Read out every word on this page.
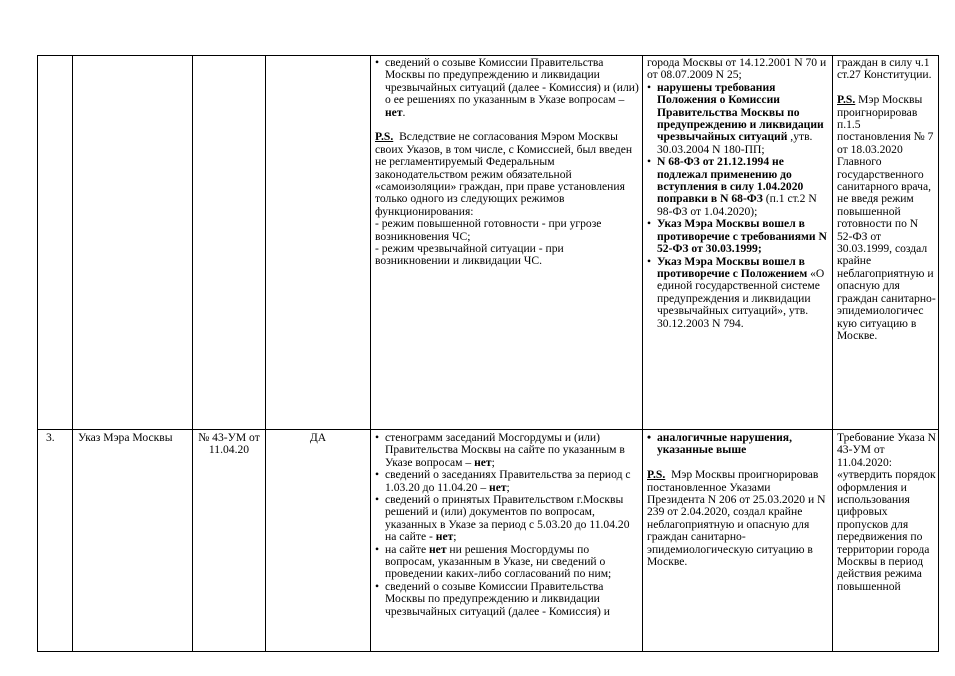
• сведений о созыве Комиссии Правительства Москвы по предупреждению и ликвидации чрезвычайных ситуаций (далее - Комиссия) и (или) о ее решениях по указанным в Указе вопросам – нет.

P.S. Вследствие не согласования Мэром Москвы своих Указов, в том числе, с Комиссией, был введен не регламентируемый Федеральным законодательством режим обязательной «самоизоляции» граждан, при праве установления только одного из следующих режимов функционирования:

- режим повышенной готовности - при угрозе возникновения ЧС;

- режим чрезвычайной ситуации - при возникновении и ликвидации ЧС.

города Москвы от 14.12.2001 N 70 и от 08.07.2009 N 25;

• нарушены требования Положения о Комиссии Правительства Москвы по предупреждению и ликвидации чрезвычайных ситуаций ,утв. 30.03.2004 N 180-ПП;

• N 68-ФЗ от 21.12.1994 не подлежал применению до вступления в силу 1.04.2020 поправки в N 68-ФЗ (п.1 ст.2 N 98-ФЗ от 1.04.2020);

• Указ Мэра Москвы вошел в противоречие с требованиями N 52-ФЗ от 30.03.1999;

• Указ Мэра Москвы вошел в противоречие с Положением «О единой государственной системе предупреждения и ликвидации чрезвычайных ситуаций», утв. 30.12.2003 N 794.

граждан в силу ч.1 ст.27 Конституции.

P.S. Мэр Москвы проигнорировав п.1.5 постановления № 7 от 18.03.2020 Главного государственного санитарного врача, не введя режим повышенной готовности по N 52-ФЗ от 30.03.1999, создал крайне неблагоприятную и опасную для граждан санитарно-эпидемиологичес кую ситуацию в Москве.

3.	Указ Мэра Москвы	№ 43-УМ от 11.04.20
ДА

•	стенограмм заседаний Мосгордумы и (или) Правительства Москвы на сайте по указанным в Указе вопросам – нет;

• сведений о заседаниях Правительства за период с 1.03.20 до 11.04.20 – нет;

• сведений о принятых Правительством г.Москвы решений и (или) документов по вопросам, указанных в Указе за период с 5.03.20 до 11.04.20 на сайте - нет;

• на сайте нет ни решения Мосгордумы по вопросам, указанным в Указе, ни сведений о проведении каких-либо согласований по ним;

• сведений о созыве Комиссии Правительства Москвы по предупреждению и ликвидации чрезвычайных ситуаций (далее - Комиссия) и

• аналогичные нарушения, указанные выше

P.S. Мэр Москвы проигнорировав постановленное Указами Президента N 206 от 25.03.2020 и N 239 от 2.04.2020, создал крайне неблагоприятную и опасную для граждан санитарно-эпидемиологическую ситуацию в Москве.

Требование Указа N 43-УМ от 11.04.2020: «утвердить порядок оформления и использования цифровых пропусков для передвижения по территории города Москвы в период действия режима повышенной
